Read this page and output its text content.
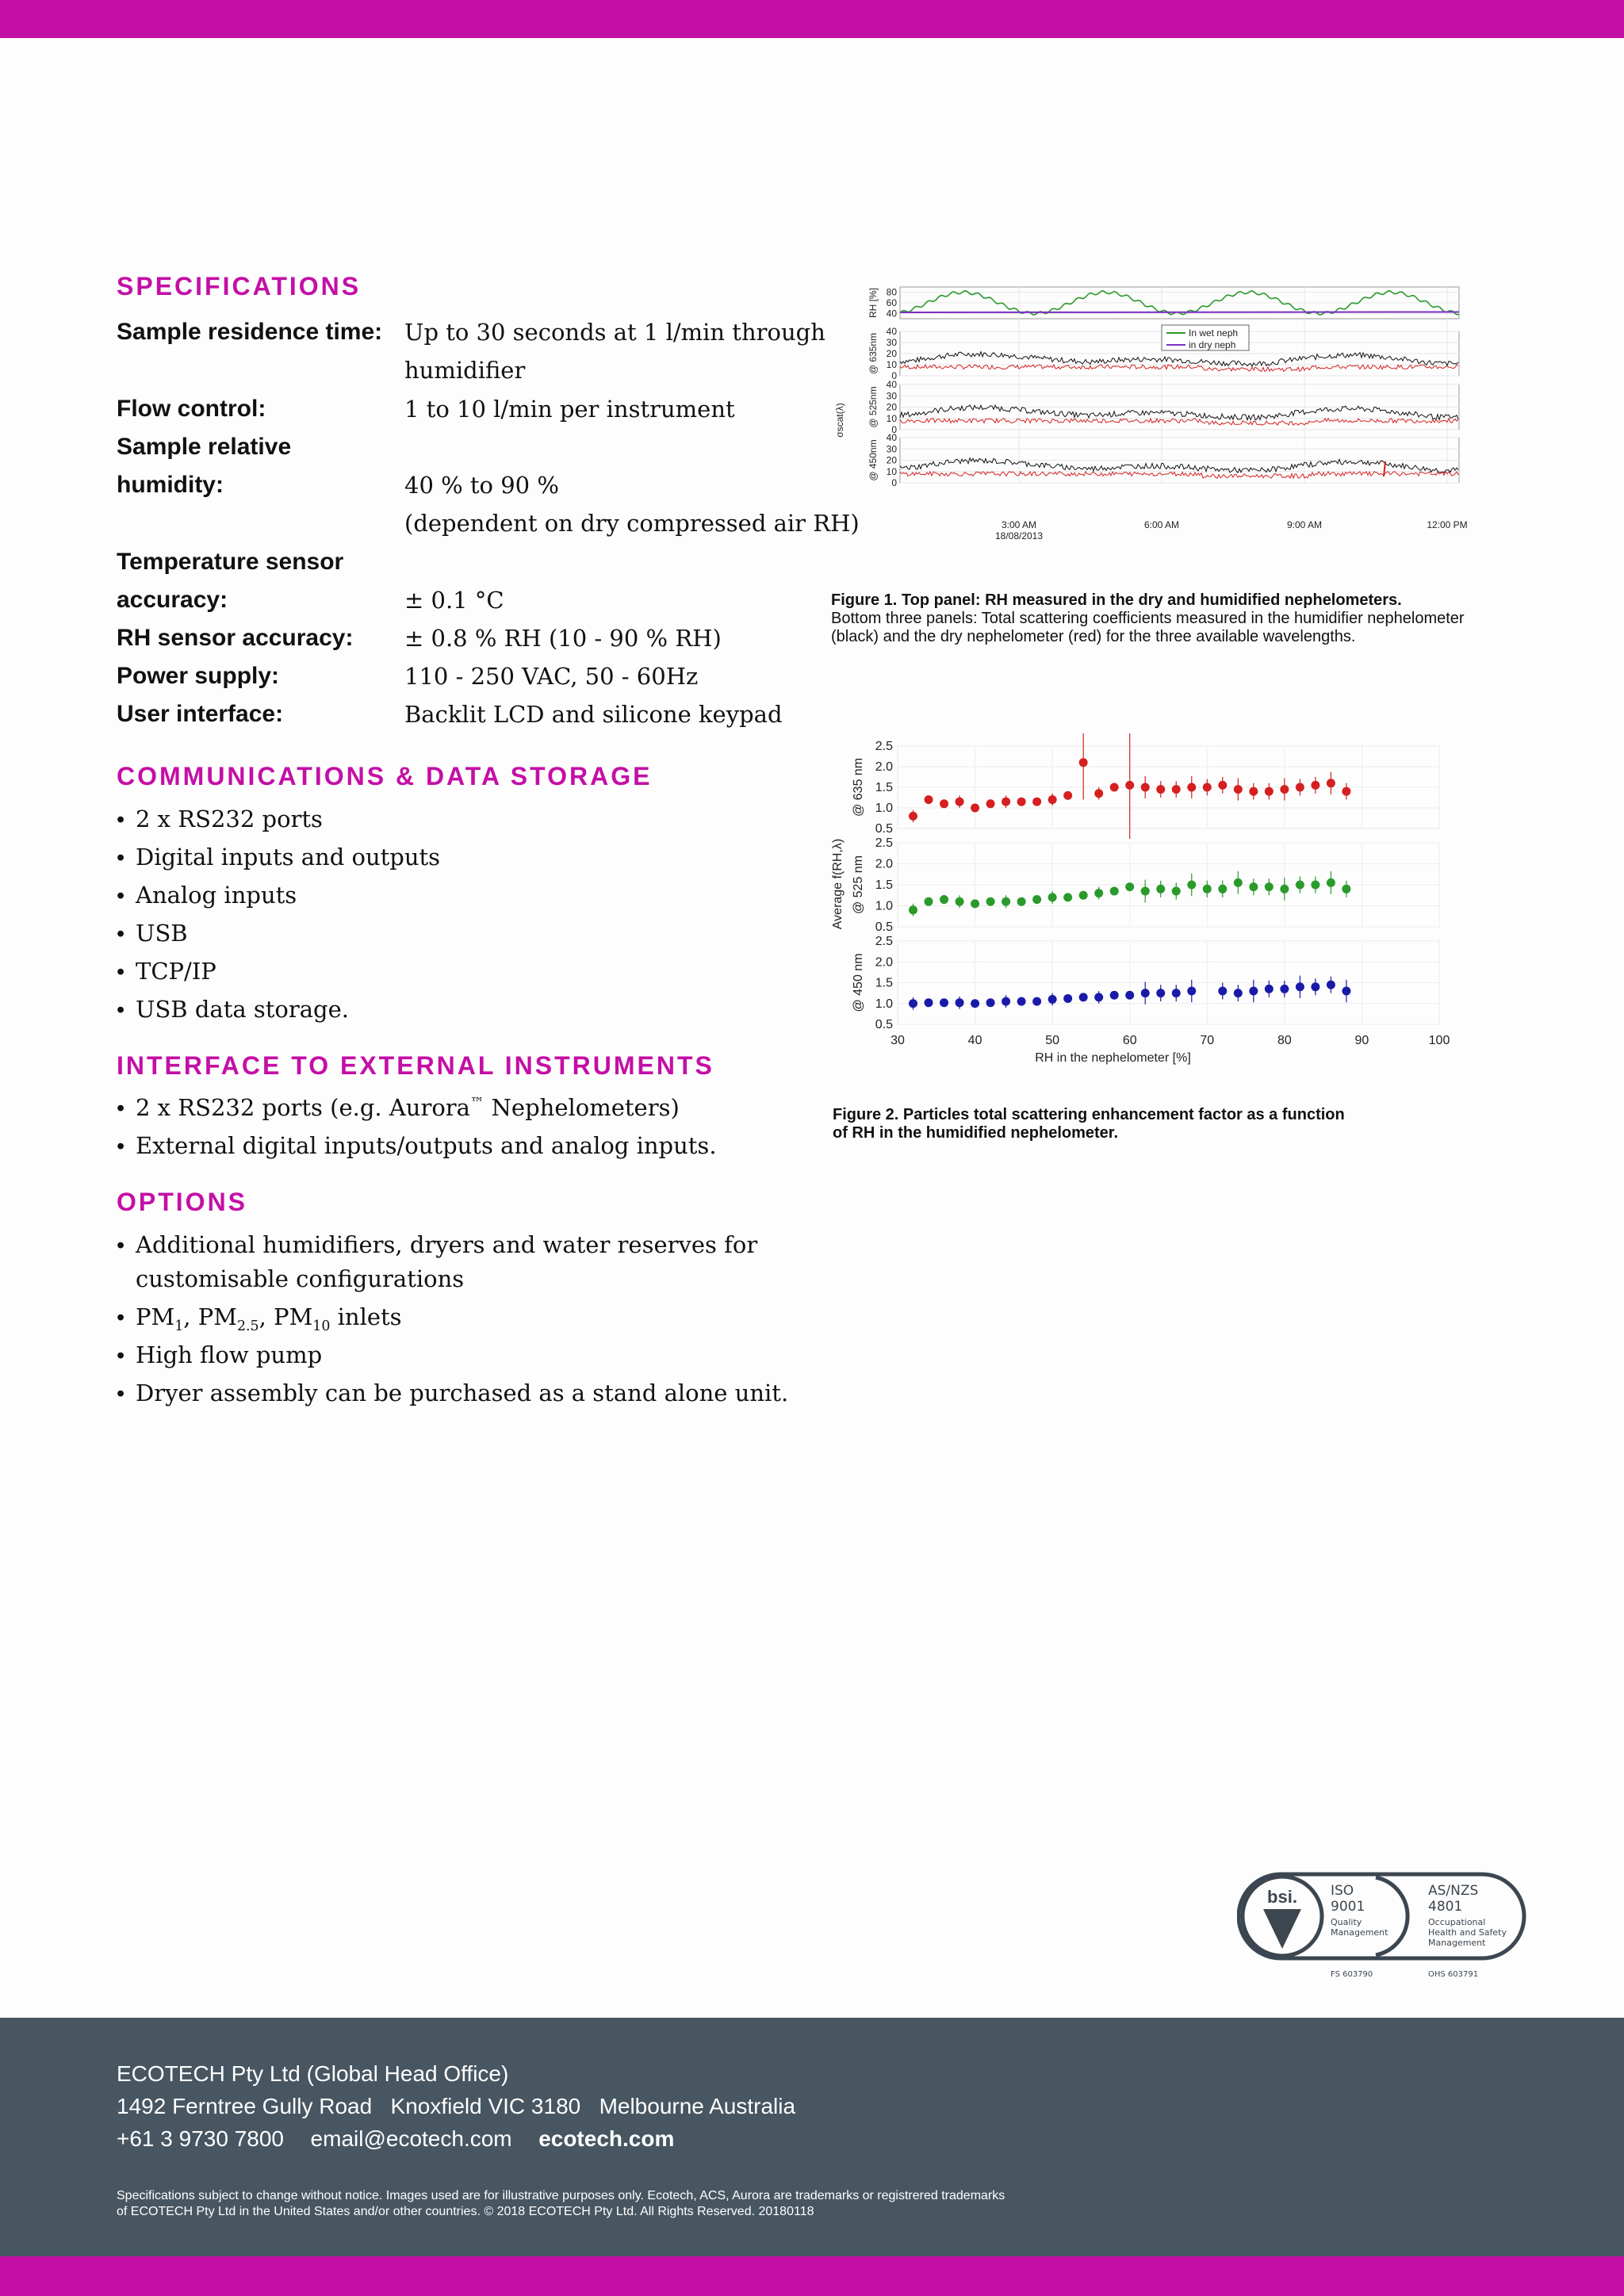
SPECIFICATIONS
Sample residence time: Up to 30 seconds at 1 l/min through
humidifier
Flow control:	1 to 10 l/min per instrument
Sample relative
humidity:	40 % to 90 %
(dependent on dry compressed air RH)
Temperature sensor
accuracy:	± 0.1 °C
RH sensor accuracy: ± 0.8 % RH (10 - 90 % RH)
Power supply:	110 - 250 VAC, 50 - 60Hz
User interface:	Backlit LCD and silicone keypad
COMMUNICATIONS & DATA STORAGE
• 2 x RS232 ports
• Digital inputs and outputs
• Analog inputs
• USB
• TCP/IP
• USB data storage.
INTERFACE TO EXTERNAL INSTRUMENTS
• 2 x RS232 ports (e.g. Aurora™ Nephelometers)
• External digital inputs/outputs and analog inputs.
OPTIONS
• Additional humidifiers, dryers and water reserves for
customisable configurations
• $PM_1$, $PM_{2.5}$, $PM_{10}$ inlets
• High flow pump
• Dryer assembly can be purchased as a stand alone unit.
80
60
40
RH [%]
40
30
20
10
0
@ 635nm
40
30
20
10
0
@ 525nm
40
30
20
10
0
@ 450nm
σscat(λ)
3:00 AM	6:00 AM	9:00 AM	12:00 PM
18/08/2013
In wet neph
in dry neph
Figure 1. Top panel: RH measured in the dry and humidified nephelometers.
Bottom three panels: Total scattering coefficients measured in the humidifier nephelometer
(black) and the dry nephelometer (red) for the three available wavelengths.
2.5
2.0
1.5
1.0
0.5
@ 635 nm
2.5
2.0
1.5
1.0
0.5
@ 525 nm
2.5
2.0
1.5
1.0
0.5
@ 450 nm
30	40	50	60	70	80	90	100
RH in the nephelometer [%]
Average f(RH,λ)
Figure 2. Particles total scattering enhancement factor as a function
of RH in the humidified nephelometer.
bsi. ISO
9001
Quality
Management
AS/NZS
4801
Occupational
Health and Safety
Management
FS 603790	OHS 603791
ECOTECH Pty Ltd (Global Head Office)
1492 Ferntree Gully Road   Knoxfield VIC 3180   Melbourne Australia
+61 3 9730 7800 email@ecotech.com ecotech.com
Specifications subject to change without notice. Images used are for illustrative purposes only. Ecotech, ACS, Aurora are trademarks or registrered trademarks
of ECOTECH Pty Ltd in the United States and/or other countries. © 2018 ECOTECH Pty Ltd. All Rights Reserved. 20180118
